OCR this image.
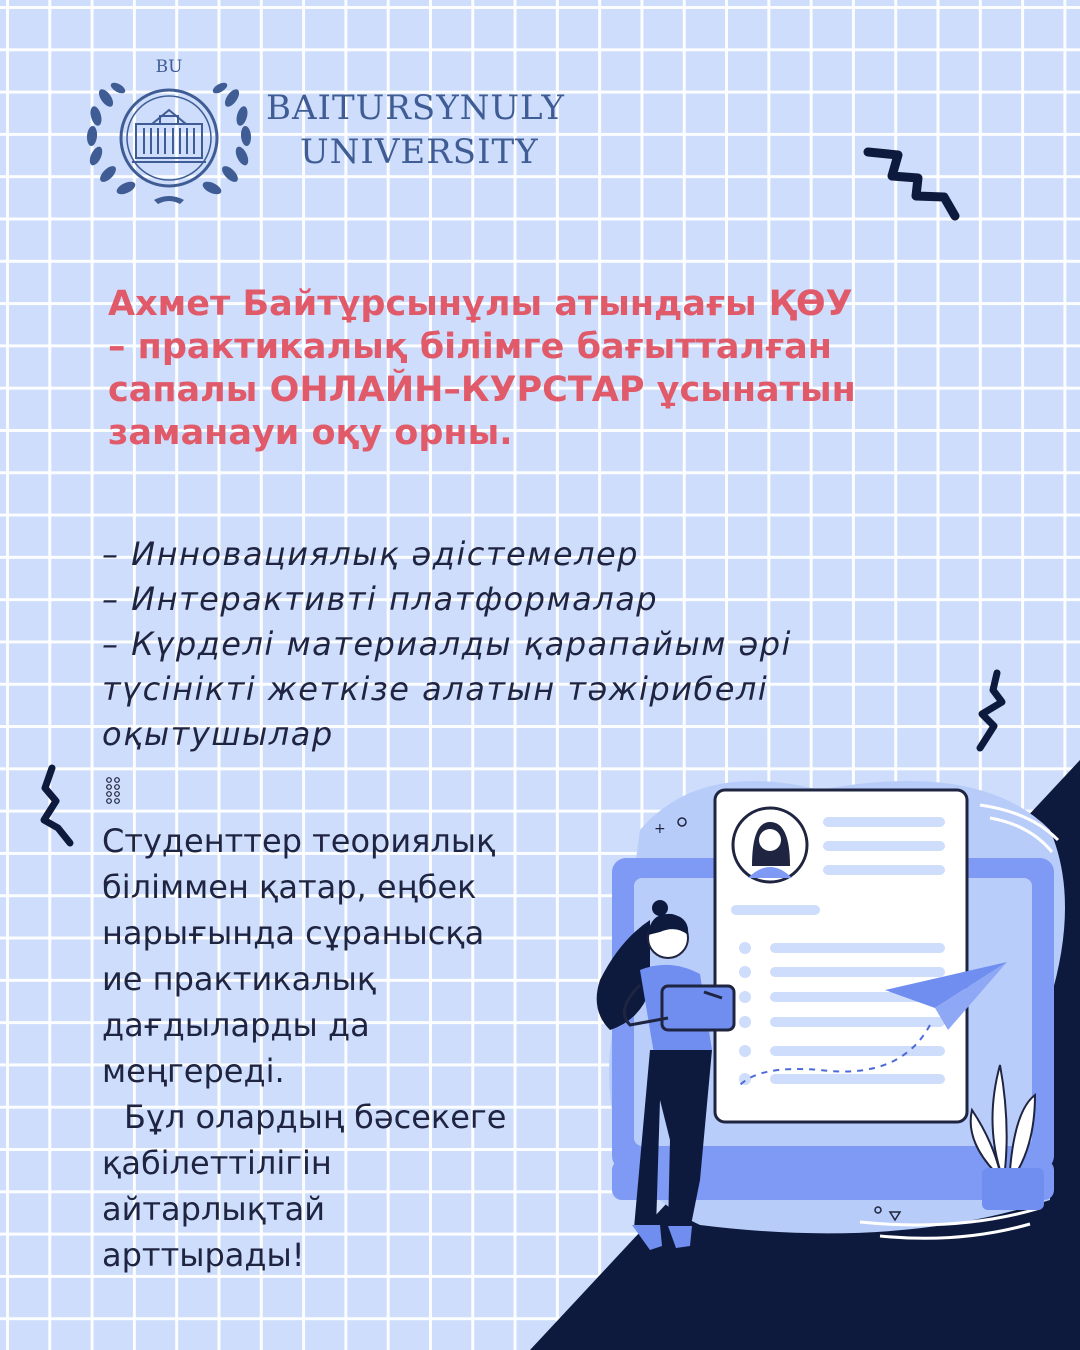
BU
BAITURSYNULY
UNIVERSITY
Ахмет Байтұрсынұлы атындағы ҚӨУ
– практикалық білімге бағытталған
сапалы ОНЛАЙН–КУРСТАР ұсынатын
заманауи оқу орны.
– Инновациялық әдістемелер
– Интерактивті платформалар
– Күрделі материалды қарапайым әрі
түсінікті жеткізе алатын тәжірибелі
оқытушылар
Студенттер теориялық
біліммен қатар, еңбек
нарығында сұранысқа
ие практикалық
дағдыларды да
меңгереді.
Бұл олардың бәсекеге
қабілеттілігін
айтарлықтай
арттырады!
+
